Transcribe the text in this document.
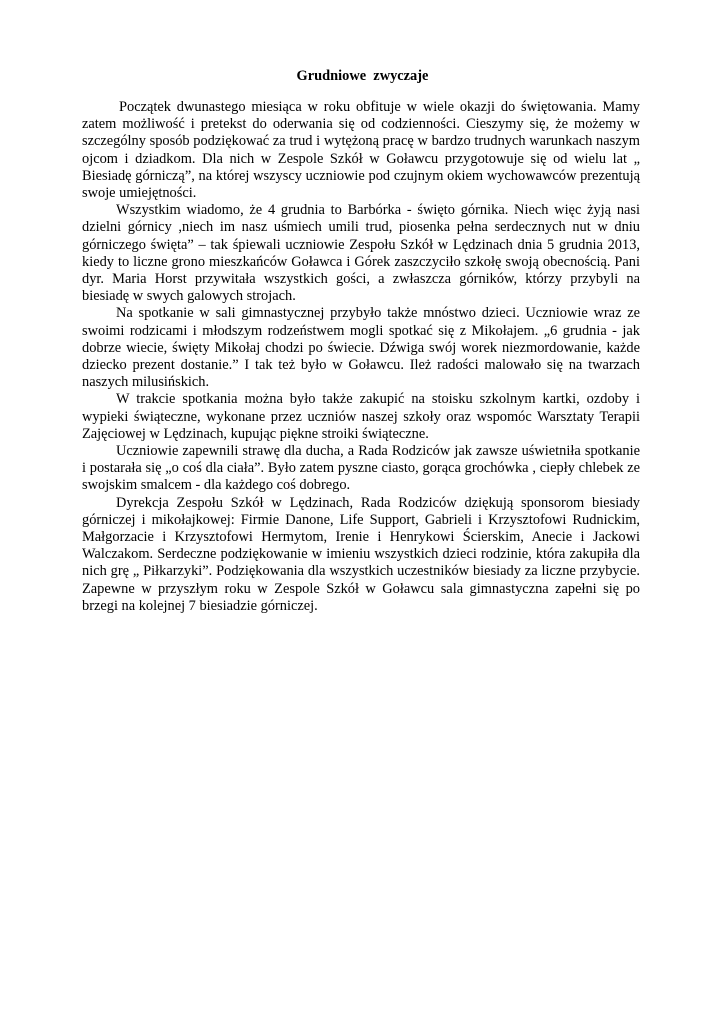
Grudniowe  zwyczaje

Początek dwunastego miesiąca w roku obfituje w wiele okazji do świętowania. Mamy zatem możliwość i pretekst do oderwania się od codzienności. Cieszymy się, że możemy w szczególny sposób podziękować za trud i wytężoną pracę w bardzo trudnych warunkach naszym ojcom i dziadkom. Dla nich w Zespole Szkół w Goławcu przygotowuje się od wielu lat „ Biesiadę górniczą”, na której wszyscy uczniowie pod czujnym okiem wychowawców prezentują swoje umiejętności.

Wszystkim wiadomo, że 4 grudnia to Barbórka - święto górnika. Niech więc żyją nasi dzielni górnicy ,niech im nasz uśmiech umili trud, piosenka pełna serdecznych nut w dniu górniczego święta” – tak śpiewali uczniowie Zespołu Szkół w Lędzinach dnia 5 grudnia 2013, kiedy to liczne grono mieszkańców Goławca i Górek zaszczyciło szkołę swoją obecnością. Pani dyr. Maria Horst przywitała wszystkich gości, a zwłaszcza górników, którzy przybyli na biesiadę w swych galowych strojach.

Na spotkanie w sali gimnastycznej przybyło także mnóstwo dzieci. Uczniowie wraz ze swoimi rodzicami i młodszym rodzeństwem mogli spotkać się z Mikołajem. „6 grudnia - jak dobrze wiecie, święty Mikołaj chodzi po świecie. Dźwiga swój worek niezmordowanie, każde dziecko prezent dostanie.” I tak też było w Goławcu. Ileż radości malowało się na twarzach naszych milusińskich.

W trakcie spotkania można było także zakupić na stoisku szkolnym kartki, ozdoby i wypieki świąteczne, wykonane przez uczniów naszej szkoły oraz wspomóc Warsztaty Terapii Zajęciowej w Lędzinach, kupując piękne stroiki świąteczne.

Uczniowie zapewnili strawę dla ducha, a Rada Rodziców jak zawsze uświetniła spotkanie i postarała się „o coś dla ciała”. Było zatem pyszne ciasto, gorąca grochówka , ciepły chlebek ze swojskim smalcem - dla każdego coś dobrego.

Dyrekcja Zespołu Szkół w Lędzinach, Rada Rodziców dziękują sponsorom biesiady górniczej i mikołajkowej: Firmie Danone, Life Support, Gabrieli i Krzysztofowi Rudnickim, Małgorzacie i Krzysztofowi Hermytom, Irenie i Henrykowi Ścierskim, Anecie i Jackowi Walczakom. Serdeczne podziękowanie w imieniu wszystkich dzieci rodzinie, która zakupiła dla nich grę „ Piłkarzyki”. Podziękowania dla wszystkich uczestników biesiady za liczne przybycie. Zapewne w przyszłym roku w Zespole Szkół w Goławcu sala gimnastyczna zapełni się po brzegi na kolejnej 7 biesiadzie górniczej.
